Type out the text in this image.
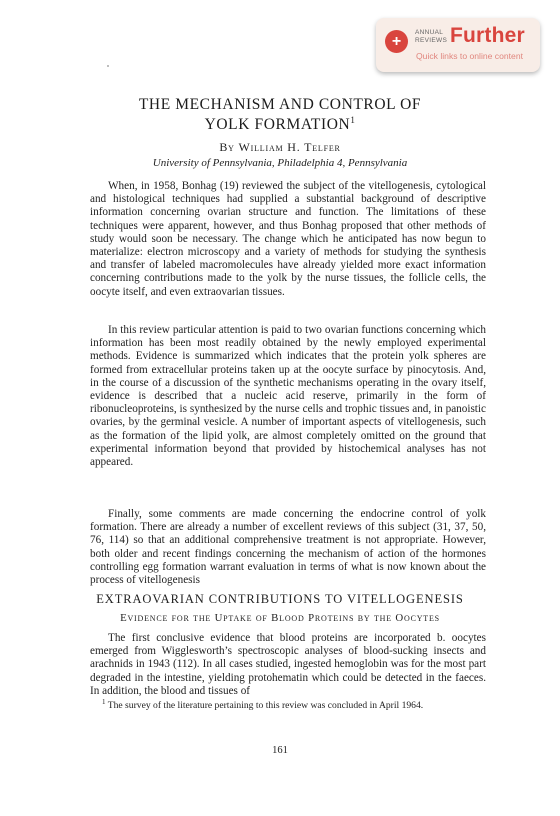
+
ANNUAL
REVIEWS Further
Quick links to online content
THE MECHANISM AND CONTROL OF
YOLK FORMATION$^1$
By William H. Telfer
University of Pennsylvania, Philadelphia 4, Pennsylvania

When, in 1958, Bonhag (19) reviewed the subject of the vitellogenesis, cytological and histological techniques had supplied a substantial background of descriptive information concerning ovarian structure and function. The limitations of these techniques were apparent, however, and thus Bonhag proposed that other methods of study would soon be necessary. The change which he anticipated has now begun to materialize: electron microscopy and a variety of methods for studying the synthesis and transfer of labeled macromolecules have already yielded more exact information concerning contributions made to the yolk by the nurse tissues, the follicle cells, the oocyte itself, and even extraovarian tissues.

In this review particular attention is paid to two ovarian functions concerning which information has been most readily obtained by the newly employed experimental methods. Evidence is summarized which indicates that the protein yolk spheres are formed from extracellular proteins taken up at the oocyte surface by pinocytosis. And, in the course of a discussion of the synthetic mechanisms operating in the ovary itself, evidence is described that a nucleic acid reserve, primarily in the form of ribonucleoproteins, is synthesized by the nurse cells and trophic tissues and, in panoistic ovaries, by the germinal vesicle. A number of important aspects of vitellogenesis, such as the formation of the lipid yolk, are almost completely omitted on the ground that experimental information beyond that provided by histochemical analyses has not appeared.

Finally, some comments are made concerning the endocrine control of yolk formation. There are already a number of excellent reviews of this subject (31, 37, 50, 76, 114) so that an additional comprehensive treatment is not appropriate. However, both older and recent findings concerning the mechanism of action of the hormones controlling egg formation warrant evaluation in terms of what is now known about the process of vitellogenesis

EXTRAOVARIAN CONTRIBUTIONS TO VITELLOGENESIS
Evidence for the Uptake of Blood Proteins by the Oocytes

The first conclusive evidence that blood proteins are incorporated b. oocytes emerged from Wigglesworth’s spectroscopic analyses of blood-sucking insects and arachnids in 1943 (112). In all cases studied, ingested hemoglobin was for the most part degraded in the intestine, yielding protohematin which could be detected in the faeces. In addition, the blood and tissues of

$^1$ The survey of the literature pertaining to this review was concluded in April 1964.
161
